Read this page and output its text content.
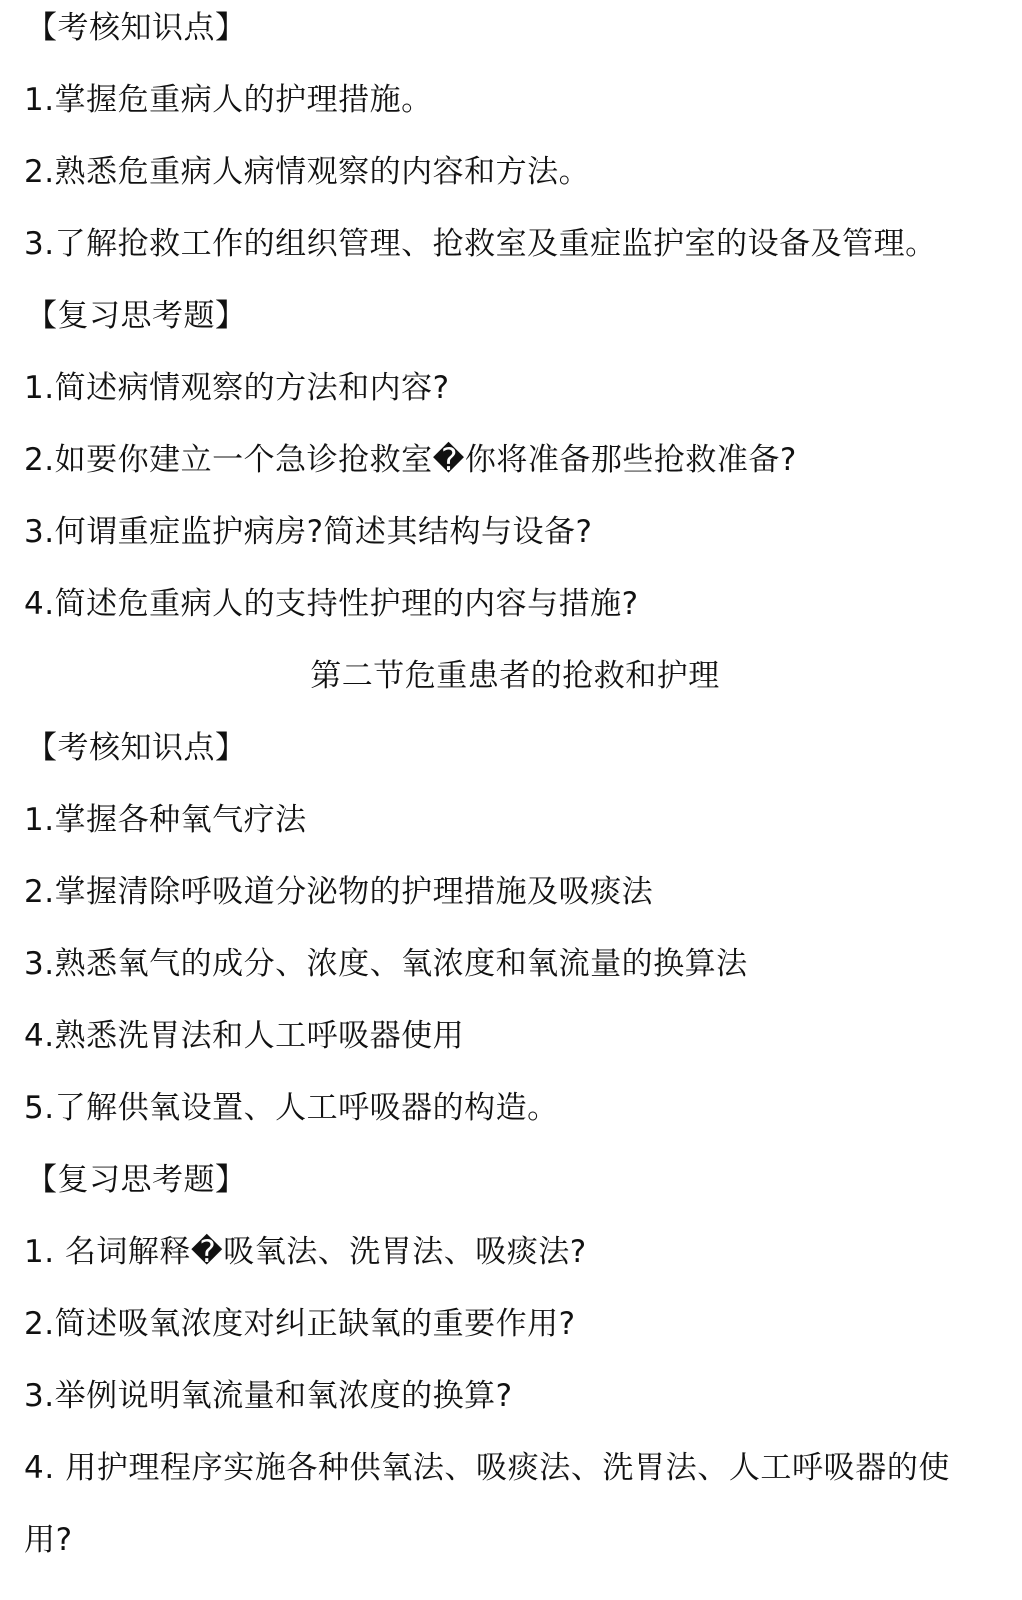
【考核知识点】
1.掌握危重病人的护理措施。
2.熟悉危重病人病情观察的内容和方法。
3.了解抢救工作的组织管理、抢救室及重症监护室的设备及管理。
【复习思考题】
1.简述病情观察的方法和内容?
2.如要你建立一个急诊抢救室�你将准备那些抢救准备?
3.何谓重症监护病房?简述其结构与设备?
4.简述危重病人的支持性护理的内容与措施?
第二节危重患者的抢救和护理
【考核知识点】
1.掌握各种氧气疗法
2.掌握清除呼吸道分泌物的护理措施及吸痰法
3.熟悉氧气的成分、浓度、氧浓度和氧流量的换算法
4.熟悉洗胃法和人工呼吸器使用
5.了解供氧设置、人工呼吸器的构造。
【复习思考题】
1. 名词解释�吸氧法、洗胃法、吸痰法?
2.简述吸氧浓度对纠正缺氧的重要作用?
3.举例说明氧流量和氧浓度的换算?
4. 用护理程序实施各种供氧法、吸痰法、洗胃法、人工呼吸器的使用?
